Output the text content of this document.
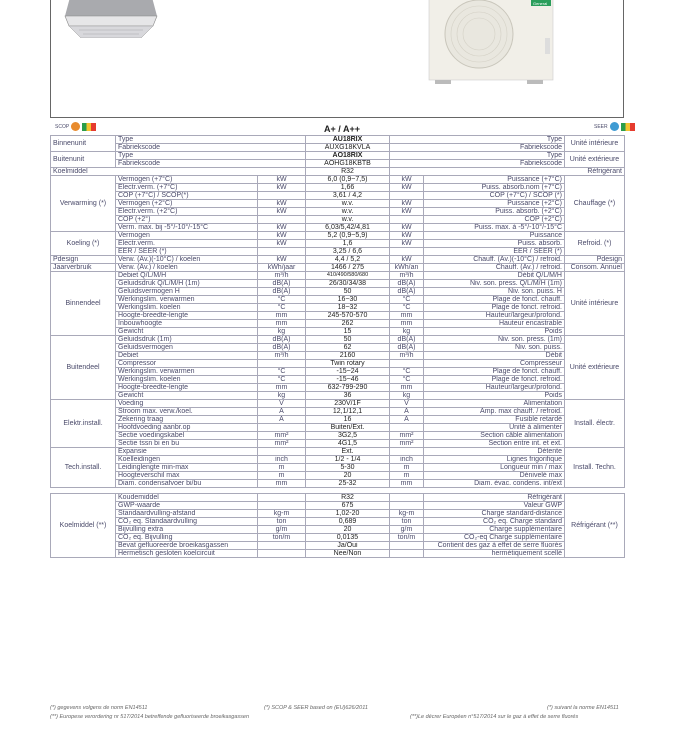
General
SCOP	A+ / A++	SEER
Binnenunit	Type		AU18RIX	Type		Unité intérieure
	Fabriekscode		AUXG18KVLA	Fabriekscode		
Buitenunit	Type		AO18RIX	Type		Unité extérieure
	Fabriekscode		AOHG18KBTB	Fabriekscode		
Koelmiddel			R32	Réfrigérant		
Verwarming (*)	Vermogen (+7°C)	kW	6,0 (0,9~7,5)	kW	Puissance (+7°C)	Chauffage (*)
	Electr.verm. (+7°C)	kW	1,66	kW	Puiss. absorb.nom (+7°C)	
	COP (+7°C) / SCOP(*)		3,61 / 4,2		COP (+7°C) / SCOP (*)	
	Vermogen (+2°C)	kW	w.v.	kW	Puissance (+2°C)	
	Electr.verm. (+2°C)	kW	w.v.	kW	Puiss. absorb. (+2°C)	
	COP (+2°)		w.v.		COP (+2°C)	
	Verm. max. bij -5°/-10°/-15°C	kW	6,03/5,42/4,81	kW	Puiss. max. à -5°/-10°/-15°C	
Koeling (*)	Vermogen	kW	5,2 (0,9~5,9)	kW	Puissance	Refroid. (*)
	Electr.verm.	kW	1,6	kW	Puiss. absorb.	
	EER / SEER (*)		3,25 / 6,6		EER / SEER (*)	
Pdesign	Verw. (Av.)(-10°C) / koelen	kW	4,4 / 5,2	kW	Chauff. (Av.)(-10°C) / refroid.	Pdesign
Jaarverbruik	Verw. (Av.) / koelen	kWh/jaar	1466 / 275	kWh/an	Chauff. (Av.) / refroid.	Consom. Annuel
Binnendeel	Debiet Q/L/M/H	m³/h	410/490/580/680	m³/h	Débit Q/L/M/H	Unité intérieure
	Geluidsdruk Q/L/M/H (1m)	dB(A)	26/30/34/38	dB(A)	Niv. son. press. Q/L/M/H (1m)	
	Geluidsvermogen H	dB(A)	50	dB(A)	Niv. son. puiss. H	
	Werkingslim. verwarmen	°C	16~30	°C	Plage de fonct. chauff.	
	Werkingslim. koelen	°C	18~32	°C	Plage de fonct. refroid.	
	Hoogte-breedte-lengte	mm	245-570-570	mm	Hauteur/largeur/profond.	
	Inbouwhoogte	mm	262	mm	Hauteur encastrable	
	Gewicht	kg	15	kg	Poids	
Buitendeel	Geluidsdruk (1m)	dB(A)	50	dB(A)	Niv. son. press. (1m)	Unité extérieure
	Geluidsvermogen	dB(A)	62	dB(A)	Niv. son. puiss.	
	Debiet	m³/h	2160	m³/h	Débit	
	Compressor		Twin rotary		Compresseur	
	Werkingslim. verwarmen	°C	-15~24	°C	Plage de fonct. chauff.	
	Werkingslim. koelen	°C	-15~46	°C	Plage de fonct. refroid.	
	Hoogte-breedte-lengte	mm	632-799-290	mm	Hauteur/largeur/profond.	
	Gewicht	kg	36	kg	Poids	
Elektr.install.	Voeding	V	230V/1F	V	Alimentation	Install. électr.
	Stroom max. verw./koel.	A	12,1/12,1	A	Amp. max chauff. / refroid.	
	Zekering traag	A	16	A	Fusible retardé	
	Hoofdvoeding aanbr.op		Buiten/Ext.		Unité à alimenter	
	Sectie voedingskabel	mm²	3G2,5	mm²	Section câble alimentation	
	Sectie tssn bi en bu	mm²	4G1,5	mm²	Section entre int. et ext.	
Tech.install.	Expansie		Ext.		Détente	Install. Techn.
	Koelleidingen	inch	1/2 - 1/4	inch	Lignes frigorifique	
	Leidinglengte min-max	m	5-30	m	Longueur min / max	
	Hoogteverschil max	m	20	m	Dénivelé max	
	Diam. condensafvoer bi/bu	mm	25-32	mm	Diam. évac. condens. int/ext	

Koelmiddel (**)	Koudemiddel		R32		Réfrigérant	Réfrigérant (**)
	GWP-waarde		675		Valeur GWP	
	Standaardvulling-afstand	kg-m	1,02-20	kg-m	Charge standard-distance	
	CO₂ eq. Standaardvulling	ton	0,689	ton	CO₂ eq. Charge standard	
	Bijvulling extra	g/m	20	g/m	Charge supplémentaire	
	CO₂ eq. Bijvulling	ton/m	0,0135	ton/m	CO₂-eq Charge supplémentaire	
	Bevat gefluoreerde broeikasgassen		Ja/Oui		Contient des gaz à effet de serre fluorés	
	Hermetisch gesloten koelcircuit		Nee/Non		hermétiquement scellé	
(*) gegevens volgens de norm EN14511	(*) SCOP & SEER based on (EU)626/2011	(*) suivant la norme EN14511
(**) Europese verordering nr 517/2014 betreffende gefluoriseerde broeikasgassen	(**)Le décrer Européen n°517/2014 sur le gaz à effet de serre fluorés
